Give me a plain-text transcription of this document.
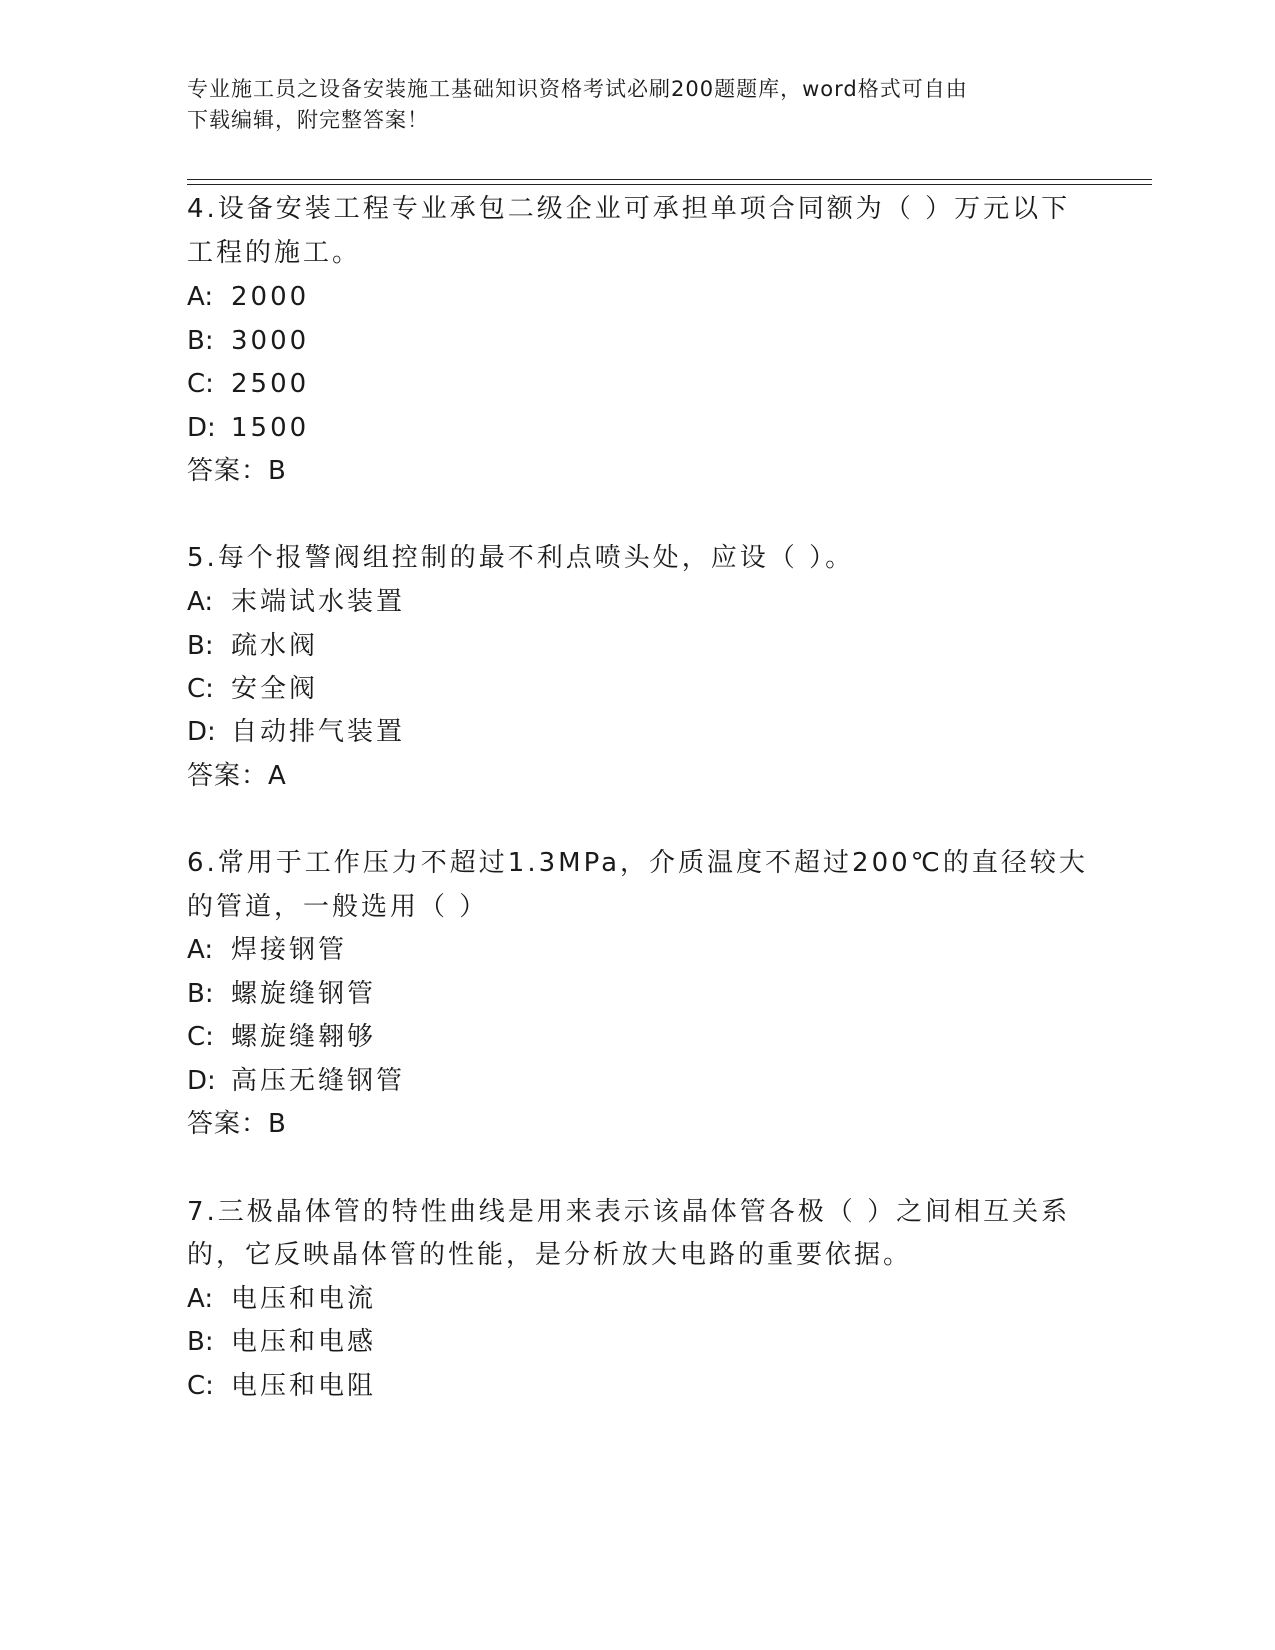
专业施工员之设备安装施工基础知识资格考试必刷200题题库，word格式可自由
下载编辑，附完整答案！
4.设备安装工程专业承包二级企业可承担单项合同额为（ ）万元以下
工程的施工。
A: 2000
B: 3000
C: 2500
D: 1500
答案：B
5.每个报警阀组控制的最不利点喷头处，应设（ ）。
A: 末端试水装置
B: 疏水阀
C: 安全阀
D: 自动排气装置
答案：A
6.常用于工作压力不超过1.3MPa，介质温度不超过200℃的直径较大
的管道，一般选用（ ）
A: 焊接钢管
B: 螺旋缝钢管
C: 螺旋缝翱够
D: 高压无缝钢管
答案：B
7.三极晶体管的特性曲线是用来表示该晶体管各极（ ）之间相互关系
的，它反映晶体管的性能，是分析放大电路的重要依据。
A: 电压和电流
B: 电压和电感
C: 电压和电阻
